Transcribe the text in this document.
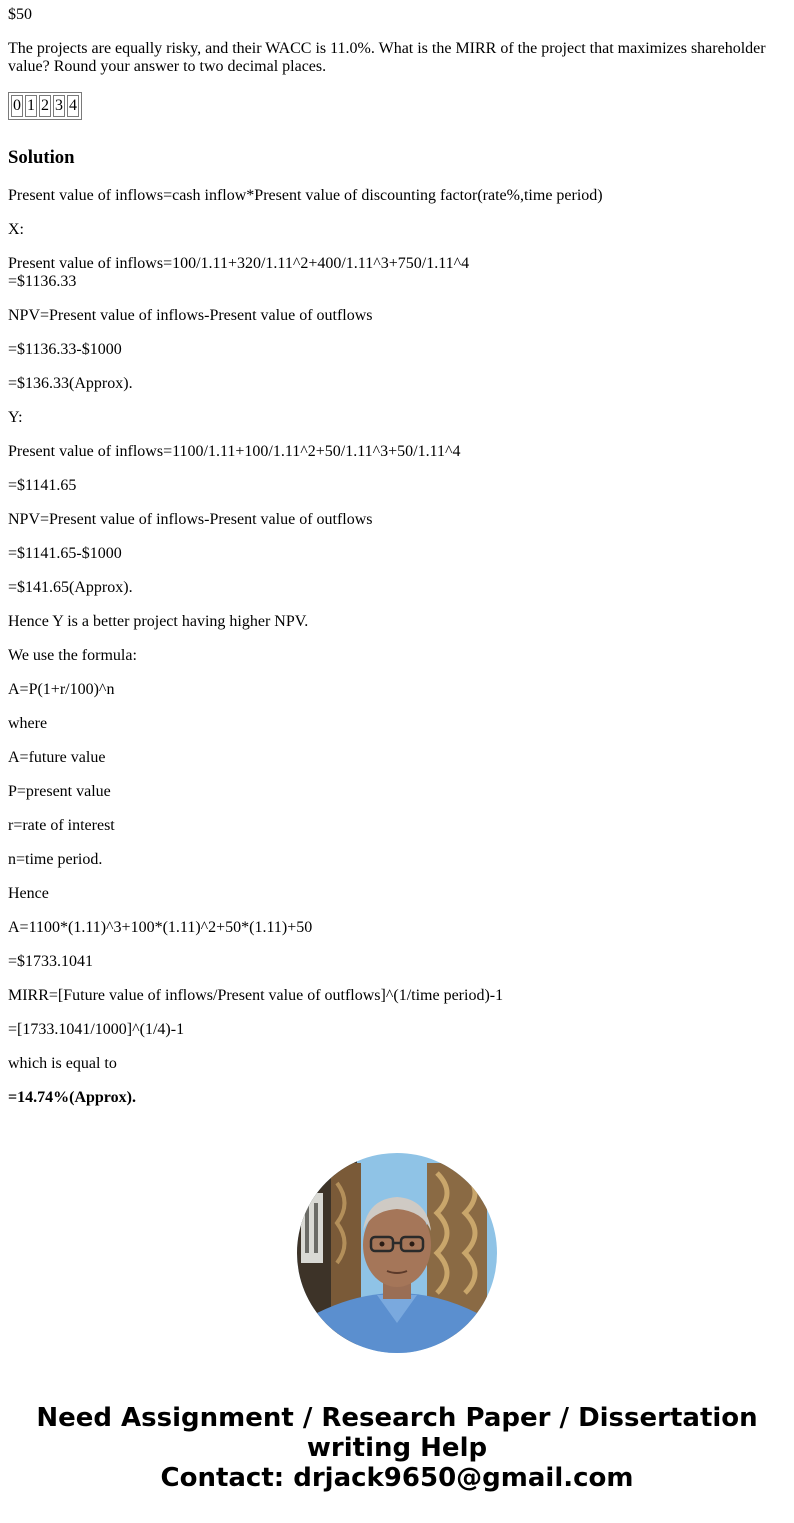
$50
The projects are equally risky, and their WACC is 11.0%. What is the MIRR of the project that maximizes shareholder value? Round your answer to two decimal places.
0	1	2	3	4
Solution
Present value of inflows=cash inflow*Present value of discounting factor(rate%,time period)
X:
Present value of inflows=100/1.11+320/1.11^2+400/1.11^3+750/1.11^4
=$1136.33
NPV=Present value of inflows-Present value of outflows
=$1136.33-$1000
=$136.33(Approx).
Y:
Present value of inflows=1100/1.11+100/1.11^2+50/1.11^3+50/1.11^4
=$1141.65
NPV=Present value of inflows-Present value of outflows
=$1141.65-$1000
=$141.65(Approx).
Hence Y is a better project having higher NPV.
We use the formula:
A=P(1+r/100)^n
where
A=future value
P=present value
r=rate of interest
n=time period.
Hence
A=1100*(1.11)^3+100*(1.11)^2+50*(1.11)+50
=$1733.1041
MIRR=[Future value of inflows/Present value of outflows]^(1/time period)-1
=[1733.1041/1000]^(1/4)-1
which is equal to
=14.74%(Approx).
Need Assignment / Research Paper / Dissertation
writing Help
Contact: drjack9650@gmail.com
